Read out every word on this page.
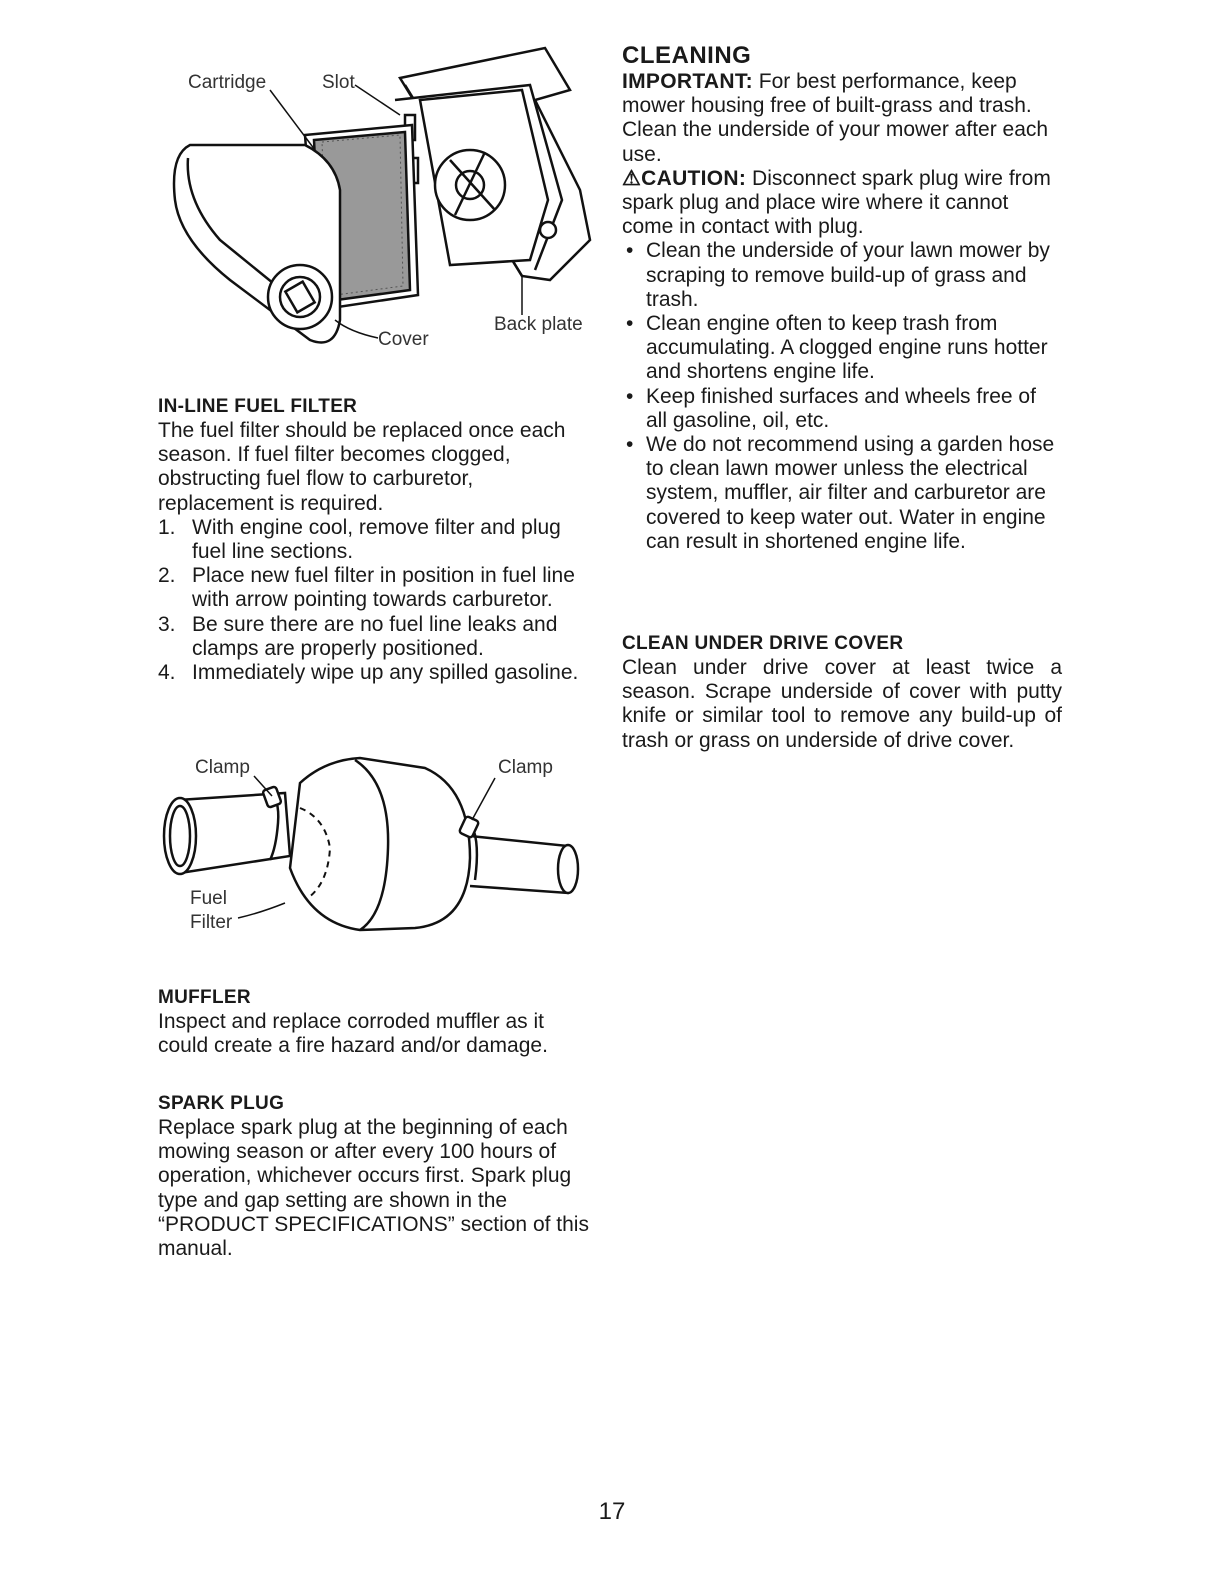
Cartridge	Slot
Cover
Back plate
IN-LINE FUEL FILTER

The fuel filter should be replaced once each season. If fuel filter becomes clogged, obstructing fuel flow to carburetor, replacement is required.

1. With engine cool, remove filter and plug fuel line sections.
2. Place new fuel filter in position in fuel line with arrow pointing towards carburetor.
3. Be sure there are no fuel line leaks and clamps are properly positioned.
4. Immediately wipe up any spilled gasoline.
Clamp	Clamp
Fuel
Filter
MUFFLER

Inspect and replace corroded muffler as it could create a fire hazard and/or damage.

SPARK PLUG

Replace spark plug at the beginning of each mowing season or after every 100 hours of operation, whichever occurs first. Spark plug type and gap setting are shown in the “PRODUCT SPECIFICATIONS” section of this manual.

CLEANING

IMPORTANT: For best performance, keep mower housing free of built-grass and trash. Clean the underside of your mower after each use.

⚠CAUTION: Disconnect spark plug wire from spark plug and place wire where it cannot come in contact with plug.

• Clean the underside of your lawn mower by scraping to remove build-up of grass and trash.
• Clean engine often to keep trash from accumulating. A clogged engine runs hotter and shortens engine life.
• Keep finished surfaces and wheels free of all gasoline, oil, etc.
• We do not recommend using a garden hose to clean lawn mower unless the electrical system, muffler, air filter and carburetor are covered to keep water out. Water in engine can result in shortened engine life.
CLEAN UNDER DRIVE COVER

Clean under drive cover at least twice a season. Scrape underside of cover with putty knife or similar tool to remove any build-up of trash or grass on underside of drive cover.

17
